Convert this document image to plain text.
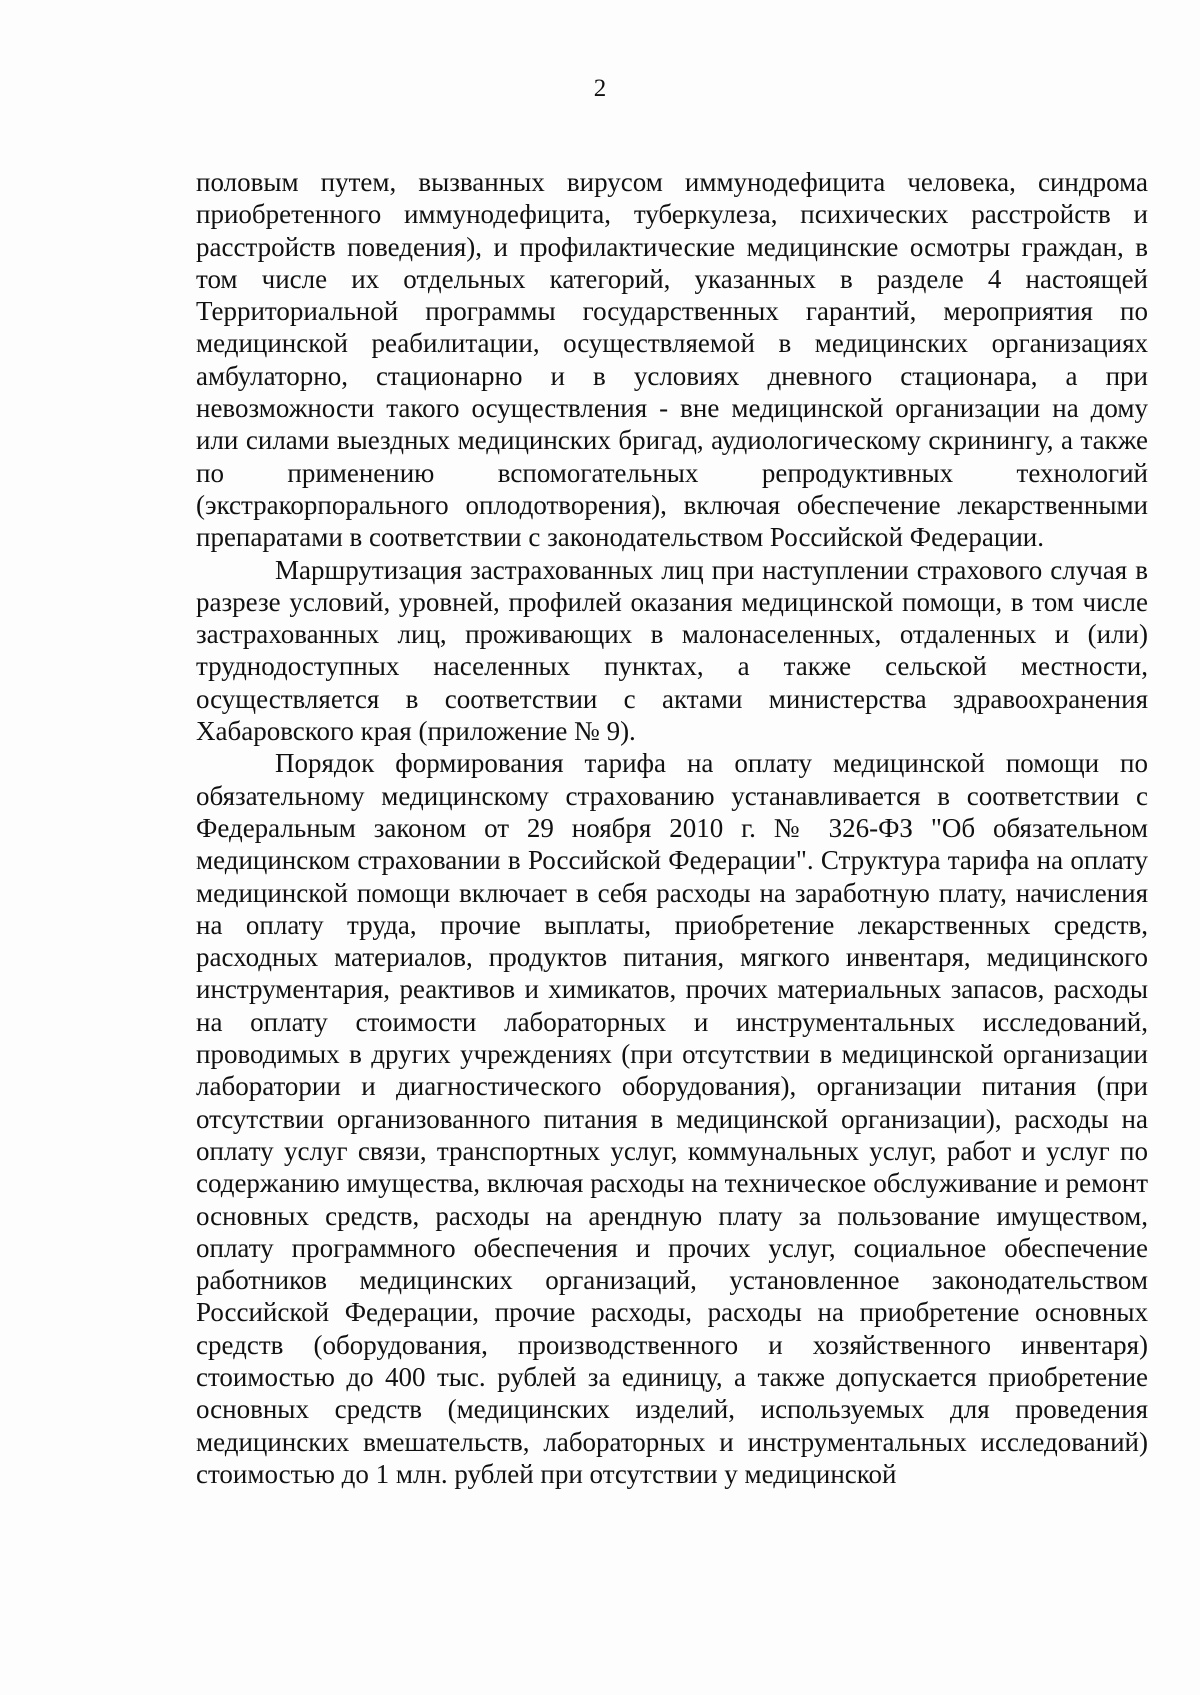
2

половым путем, вызванных вирусом иммунодефицита человека, синдрома приобретенного иммунодефицита, туберкулеза, психических расстройств и расстройств поведения), и профилактические медицинские осмотры граждан, в том числе их отдельных категорий, указанных в разделе 4 настоящей Территориальной программы государственных гарантий, мероприятия по медицинской реабилитации, осуществляемой в медицинских организациях амбулаторно, стационарно и в условиях дневного стационара, а при невозможности такого осуществления - вне медицинской организации на дому или силами выездных медицинских бригад, аудиологическому скринингу, а также по применению вспомогательных репродуктивных технологий (экстракорпорального оплодотворения), включая обеспечение лекарственными препаратами в соответствии с законодательством Российской Федерации.

Маршрутизация застрахованных лиц при наступлении страхового случая в разрезе условий, уровней, профилей оказания медицинской помощи, в том числе застрахованных лиц, проживающих в малонаселенных, отдаленных и (или) труднодоступных населенных пунктах, а также сельской местности, осуществляется в соответствии с актами министерства здравоохранения Хабаровского края (приложение № 9).

Порядок формирования тарифа на оплату медицинской помощи по обязательному медицинскому страхованию устанавливается в соответствии с Федеральным законом от 29 ноября 2010 г. № 326-ФЗ "Об обязательном медицинском страховании в Российской Федерации". Структура тарифа на оплату медицинской помощи включает в себя расходы на заработную плату, начисления на оплату труда, прочие выплаты, приобретение лекарственных средств, расходных материалов, продуктов питания, мягкого инвентаря, медицинского инструментария, реактивов и химикатов, прочих материальных запасов, расходы на оплату стоимости лабораторных и инструментальных исследований, проводимых в других учреждениях (при отсутствии в медицинской организации лаборатории и диагностического оборудования), организации питания (при отсутствии организованного питания в медицинской организации), расходы на оплату услуг связи, транспортных услуг, коммунальных услуг, работ и услуг по содержанию имущества, включая расходы на техническое обслуживание и ремонт основных средств, расходы на арендную плату за пользование имуществом, оплату программного обеспечения и прочих услуг, социальное обеспечение работников медицинских организаций, установленное законодательством Российской Федерации, прочие расходы, расходы на приобретение основных средств (оборудования, производственного и хозяйственного инвентаря) стоимостью до 400 тыс. рублей за единицу, а также допускается приобретение основных средств (медицинских изделий, используемых для проведения медицинских вмешательств, лабораторных и инструментальных исследований) стоимостью до 1 млн. рублей при отсутствии у медицинской
